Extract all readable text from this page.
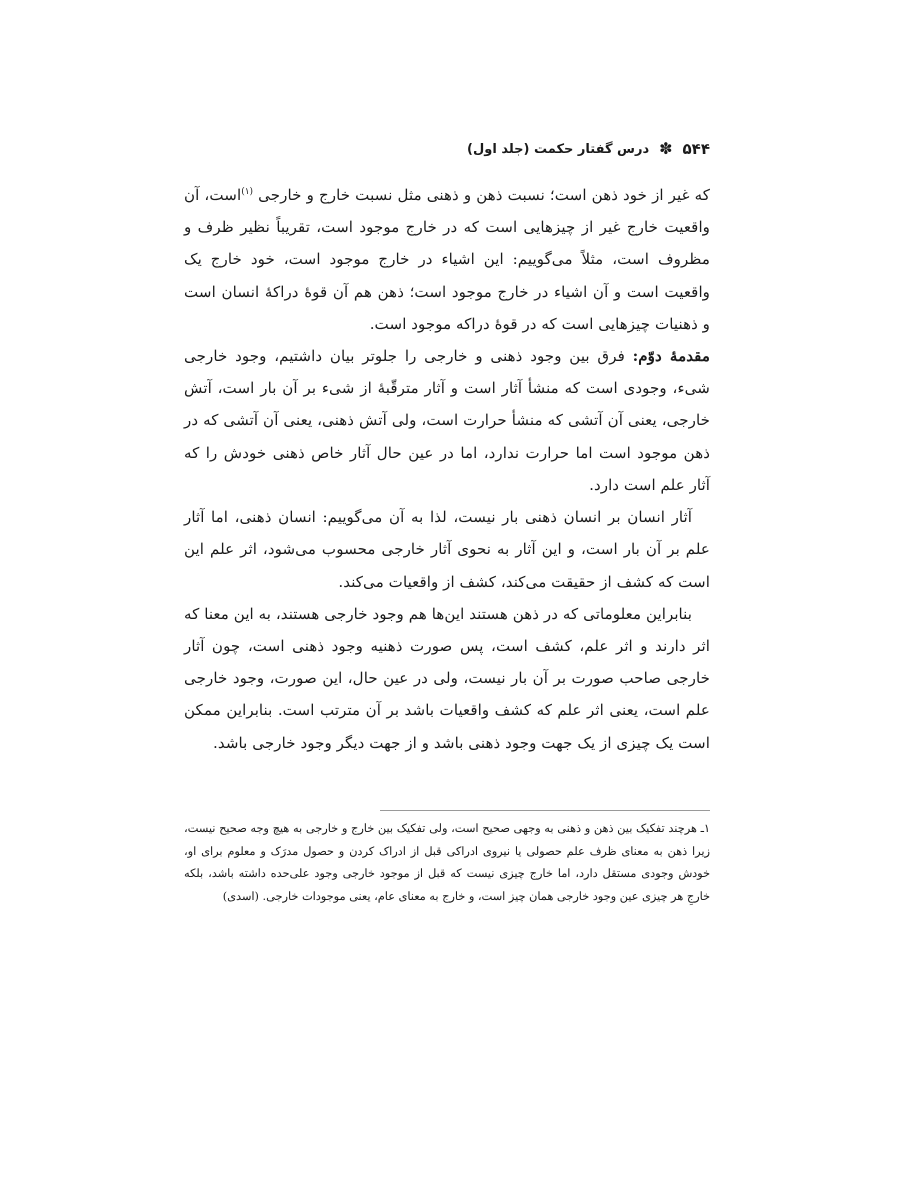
۵۴۴
✽
درس گفتار حکمت (جلد اول)

که غیر از خود ذهن است؛ نسبت ذهن و ذهنی مثل نسبت خارج و خارجی $^{(۱)}$است، آن واقعیت خارج غیر از چیزهایی است که در خارج موجود است، تقریباً نظیر ظرف و مظروف است، مثلاً می‌گوییم: این اشیاء در خارج موجود است، خود خارج یک واقعیت است و آن اشیاء در خارج موجود است؛ ذهن هم آن قوهٔ دراکهٔ انسان است و ذهنیات چیزهایی است که در قوهٔ دراکه موجود است.

مقدمهٔ دوّم: فرق بین وجود ذهنی و خارجی را جلوتر بیان داشتیم، وجود خارجی شیء، وجودی است که منشأ آثار است و آثار مترقّبهٔ از شیء بر آن بار است، آتش خارجی، یعنی آن آتشی که منشأ حرارت است، ولی آتش ذهنی، یعنی آن آتشی که در ذهن موجود است اما حرارت ندارد، اما در عین حال آثار خاص ذهنی خودش را که آثار علم است دارد.

آثار انسان بر انسان ذهنی بار نیست، لذا به آن می‌گوییم: انسان ذهنی، اما آثار علم بر آن بار است، و این آثار به نحوی آثار خارجی محسوب می‌شود، اثر علم این است که کشف از حقیقت می‌کند، کشف از واقعیات می‌کند.

بنابراین معلوماتی که در ذهن هستند این‌ها هم وجود خارجی هستند، به این معنا که اثر دارند و اثر علم، کشف است، پس صورت ذهنیه وجود ذهنی است، چون آثار خارجی صاحب صورت بر آن بار نیست، ولی در عین حال، این صورت، وجود خارجی علم است، یعنی اثر علم که کشف واقعیات باشد بر آن مترتب است. بنابراین ممکن است یک چیزی از یک جهت وجود ذهنی باشد و از جهت دیگر وجود خارجی باشد.

۱ـ هرچند تفکیک بین ذهن و ذهنی به وجهی صحیح است، ولی تفکیک بین خارج و خارجی به هیچ وجه صحیح نیست، زیرا ذهن به معنای ظرف علم حصولی یا نیروی ادراکی قبل از ادراک کردن و حصول مدرَک و معلوم برای او، خودش وجودی مستقل دارد، اما خارج چیزی نیست که قبل از موجود خارجی وجود علی‌حده داشته باشد، بلکه خارجِ هر چیزی عین وجود خارجی همان چیز است، و خارج به معنای عام، یعنی موجودات خارجی. (اسدی)
